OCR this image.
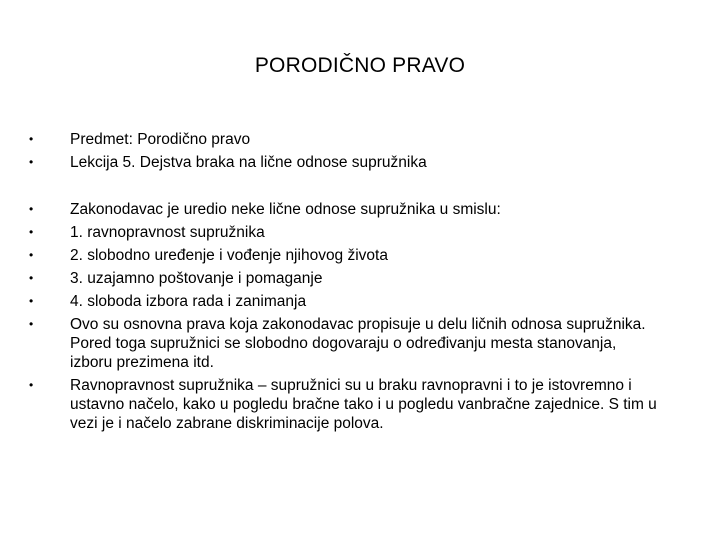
PORODIČNO PRAVO
•	Predmet: Porodično pravo
•	Lekcija 5. Dejstva braka na lične odnose supružnika
•	Zakonodavac je uredio neke lične odnose supružnika u smislu:
•	1. ravnopravnost supružnika
•	2. slobodno uređenje i vođenje njihovog života
•	3. uzajamno poštovanje i pomaganje
•	4. sloboda izbora rada i zanimanja
•	Ovo su osnovna prava koja zakonodavac propisuje u delu ličnih odnosa supružnika. Pored toga supružnici se slobodno dogovaraju o određivanju mesta stanovanja, izboru prezimena itd.
•	Ravnopravnost supružnika – supružnici su u braku ravnopravni i to je istovremno i ustavno načelo, kako u pogledu bračne tako i u pogledu vanbračne zajednice. S tim u vezi je i načelo zabrane diskriminacije polova.
